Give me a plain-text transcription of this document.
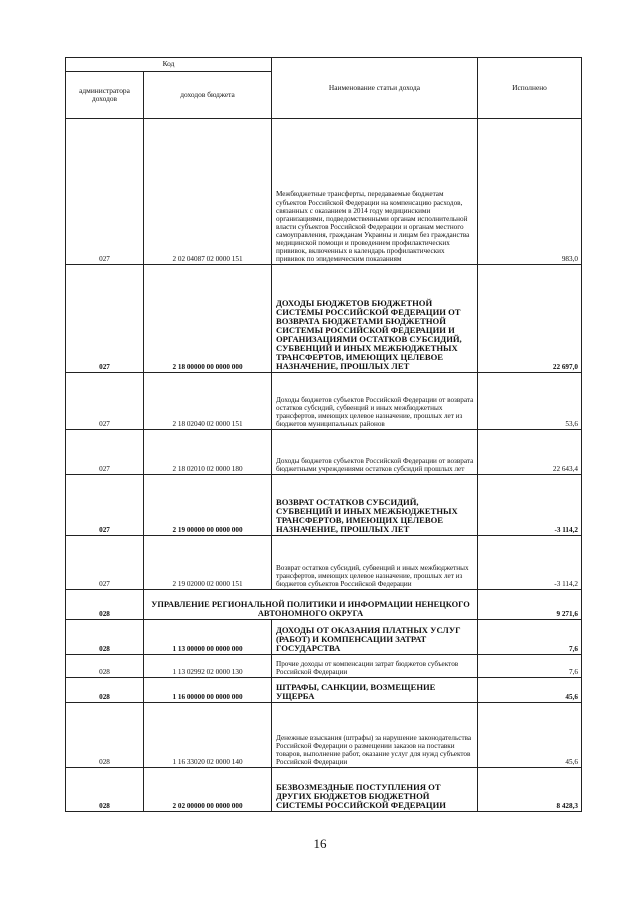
Код		Наименование статьи дохода	Исполнено
администратора доходов	доходов бюджета		
027	2 02 04087 02 0000 151	Межбюджетные трансферты, передаваемые бюджетам субъектов Российской Федерации на компенсацию расходов, связанных с оказанием в 2014 году медицинскими организациями, подведомственными органам исполнительной власти субъектов Российской Федерации и органам местного самоуправления, гражданам Украины и лицам без гражданства медицинской помощи и проведением профилактических прививок, включенных в календарь профилактических прививок по эпидемическим показаниям	983,0
027	2 18 00000 00 0000 000	ДОХОДЫ БЮДЖЕТОВ БЮДЖЕТНОЙ СИСТЕМЫ РОССИЙСКОЙ ФЕДЕРАЦИИ ОТ ВОЗВРАТА БЮДЖЕТАМИ БЮДЖЕТНОЙ СИСТЕМЫ РОССИЙСКОЙ ФЕДЕРАЦИИ И ОРГАНИЗАЦИЯМИ ОСТАТКОВ СУБСИДИЙ, СУБВЕНЦИЙ И ИНЫХ МЕЖБЮДЖЕТНЫХ ТРАНСФЕРТОВ, ИМЕЮЩИХ ЦЕЛЕВОЕ НАЗНАЧЕНИЕ, ПРОШЛЫХ ЛЕТ	22 697,0
027	2 18 02040 02 0000 151	Доходы бюджетов субъектов Российской Федерации от возврата остатков субсидий, субвенций и иных межбюджетных трансфертов, имеющих целевое назначение, прошлых лет из бюджетов муниципальных районов	53,6
027	2 18 02010 02 0000 180	Доходы бюджетов субъектов Российской Федерации от возврата бюджетными учреждениями остатков субсидий прошлых лет	22 643,4
027	2 19 00000 00 0000 000	ВОЗВРАТ ОСТАТКОВ СУБСИДИЙ, СУБВЕНЦИЙ И ИНЫХ МЕЖБЮДЖЕТНЫХ ТРАНСФЕРТОВ, ИМЕЮЩИХ ЦЕЛЕВОЕ НАЗНАЧЕНИЕ, ПРОШЛЫХ ЛЕТ	-3 114,2
027	2 19 02000 02 0000 151	Возврат остатков субсидий, субвенций и иных межбюджетных трансфертов, имеющих целевое назначение, прошлых лет из бюджетов субъектов Российской Федерации	-3 114,2
028	УПРАВЛЕНИЕ РЕГИОНАЛЬНОЙ ПОЛИТИКИ И ИНФОРМАЦИИ НЕНЕЦКОГО АВТОНОМНОГО ОКРУГА		9 271,6
028	1 13 00000 00 0000 000	ДОХОДЫ ОТ ОКАЗАНИЯ ПЛАТНЫХ УСЛУГ (РАБОТ) И КОМПЕНСАЦИИ ЗАТРАТ ГОСУДАРСТВА	7,6
028	1 13 02992 02 0000 130	Прочие доходы от компенсации затрат бюджетов субъектов Российской Федерации	7,6
028	1 16 00000 00 0000 000	ШТРАФЫ, САНКЦИИ, ВОЗМЕЩЕНИЕ УЩЕРБА	45,6
028	1 16 33020 02 0000 140	Денежные взыскания (штрафы) за нарушение законодательства Российской Федерации о размещении заказов на поставки товаров, выполнение работ, оказание услуг для нужд субъектов Российской Федерации	45,6
028	2 02 00000 00 0000 000	БЕЗВОЗМЕЗДНЫЕ ПОСТУПЛЕНИЯ ОТ ДРУГИХ БЮДЖЕТОВ БЮДЖЕТНОЙ СИСТЕМЫ РОССИЙСКОЙ ФЕДЕРАЦИИ	8 428,3
16
